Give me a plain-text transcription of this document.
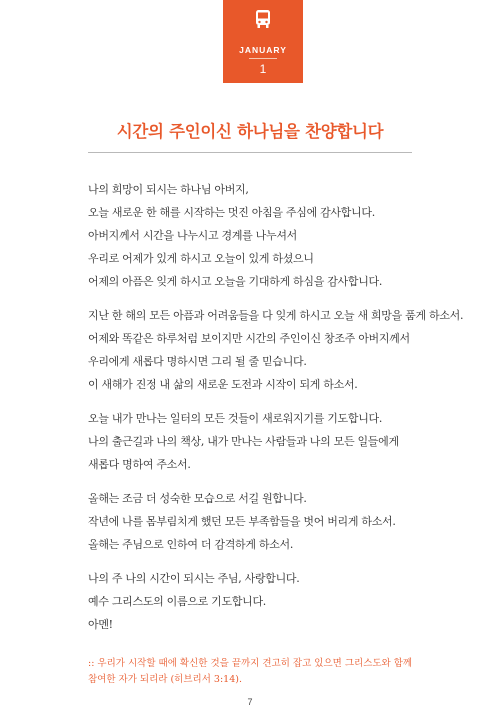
JANUARY
1
시간의 주인이신 하나님을 찬양합니다
나의 희망이 되시는 하나님 아버지,
오늘 새로운 한 해를 시작하는 멋진 아침을 주심에 감사합니다.
아버지께서 시간을 나누시고 경계를 나누셔서
우리로 어제가 있게 하시고 오늘이 있게 하셨으니
어제의 아픔은 잊게 하시고 오늘을 기대하게 하심을 감사합니다.
지난 한 해의 모든 아픔과 어려움들을 다 잊게 하시고 오늘 새 희망을 품게 하소서.
어제와 똑같은 하루처럼 보이지만 시간의 주인이신 창조주 아버지께서
우리에게 새롭다 명하시면 그리 될 줄 믿습니다.
이 새해가 진정 내 삶의 새로운 도전과 시작이 되게 하소서.
오늘 내가 만나는 일터의 모든 것들이 새로워지기를 기도합니다.
나의 출근길과 나의 책상, 내가 만나는 사람들과 나의 모든 일들에게
새롭다 명하여 주소서.
올해는 조금 더 성숙한 모습으로 서길 원합니다.
작년에 나를 몸부림치게 했던 모든 부족함들을 벗어 버리게 하소서.
올해는 주님으로 인하여 더 감격하게 하소서.
나의 주 나의 시간이 되시는 주님, 사랑합니다.
예수 그리스도의 이름으로 기도합니다.
아멘!
:: 우리가 시작할 때에 확신한 것을 끝까지 견고히 잡고 있으면 그리스도와 함께 참여한 자가 되리라 (히브리서 3:14).
7
